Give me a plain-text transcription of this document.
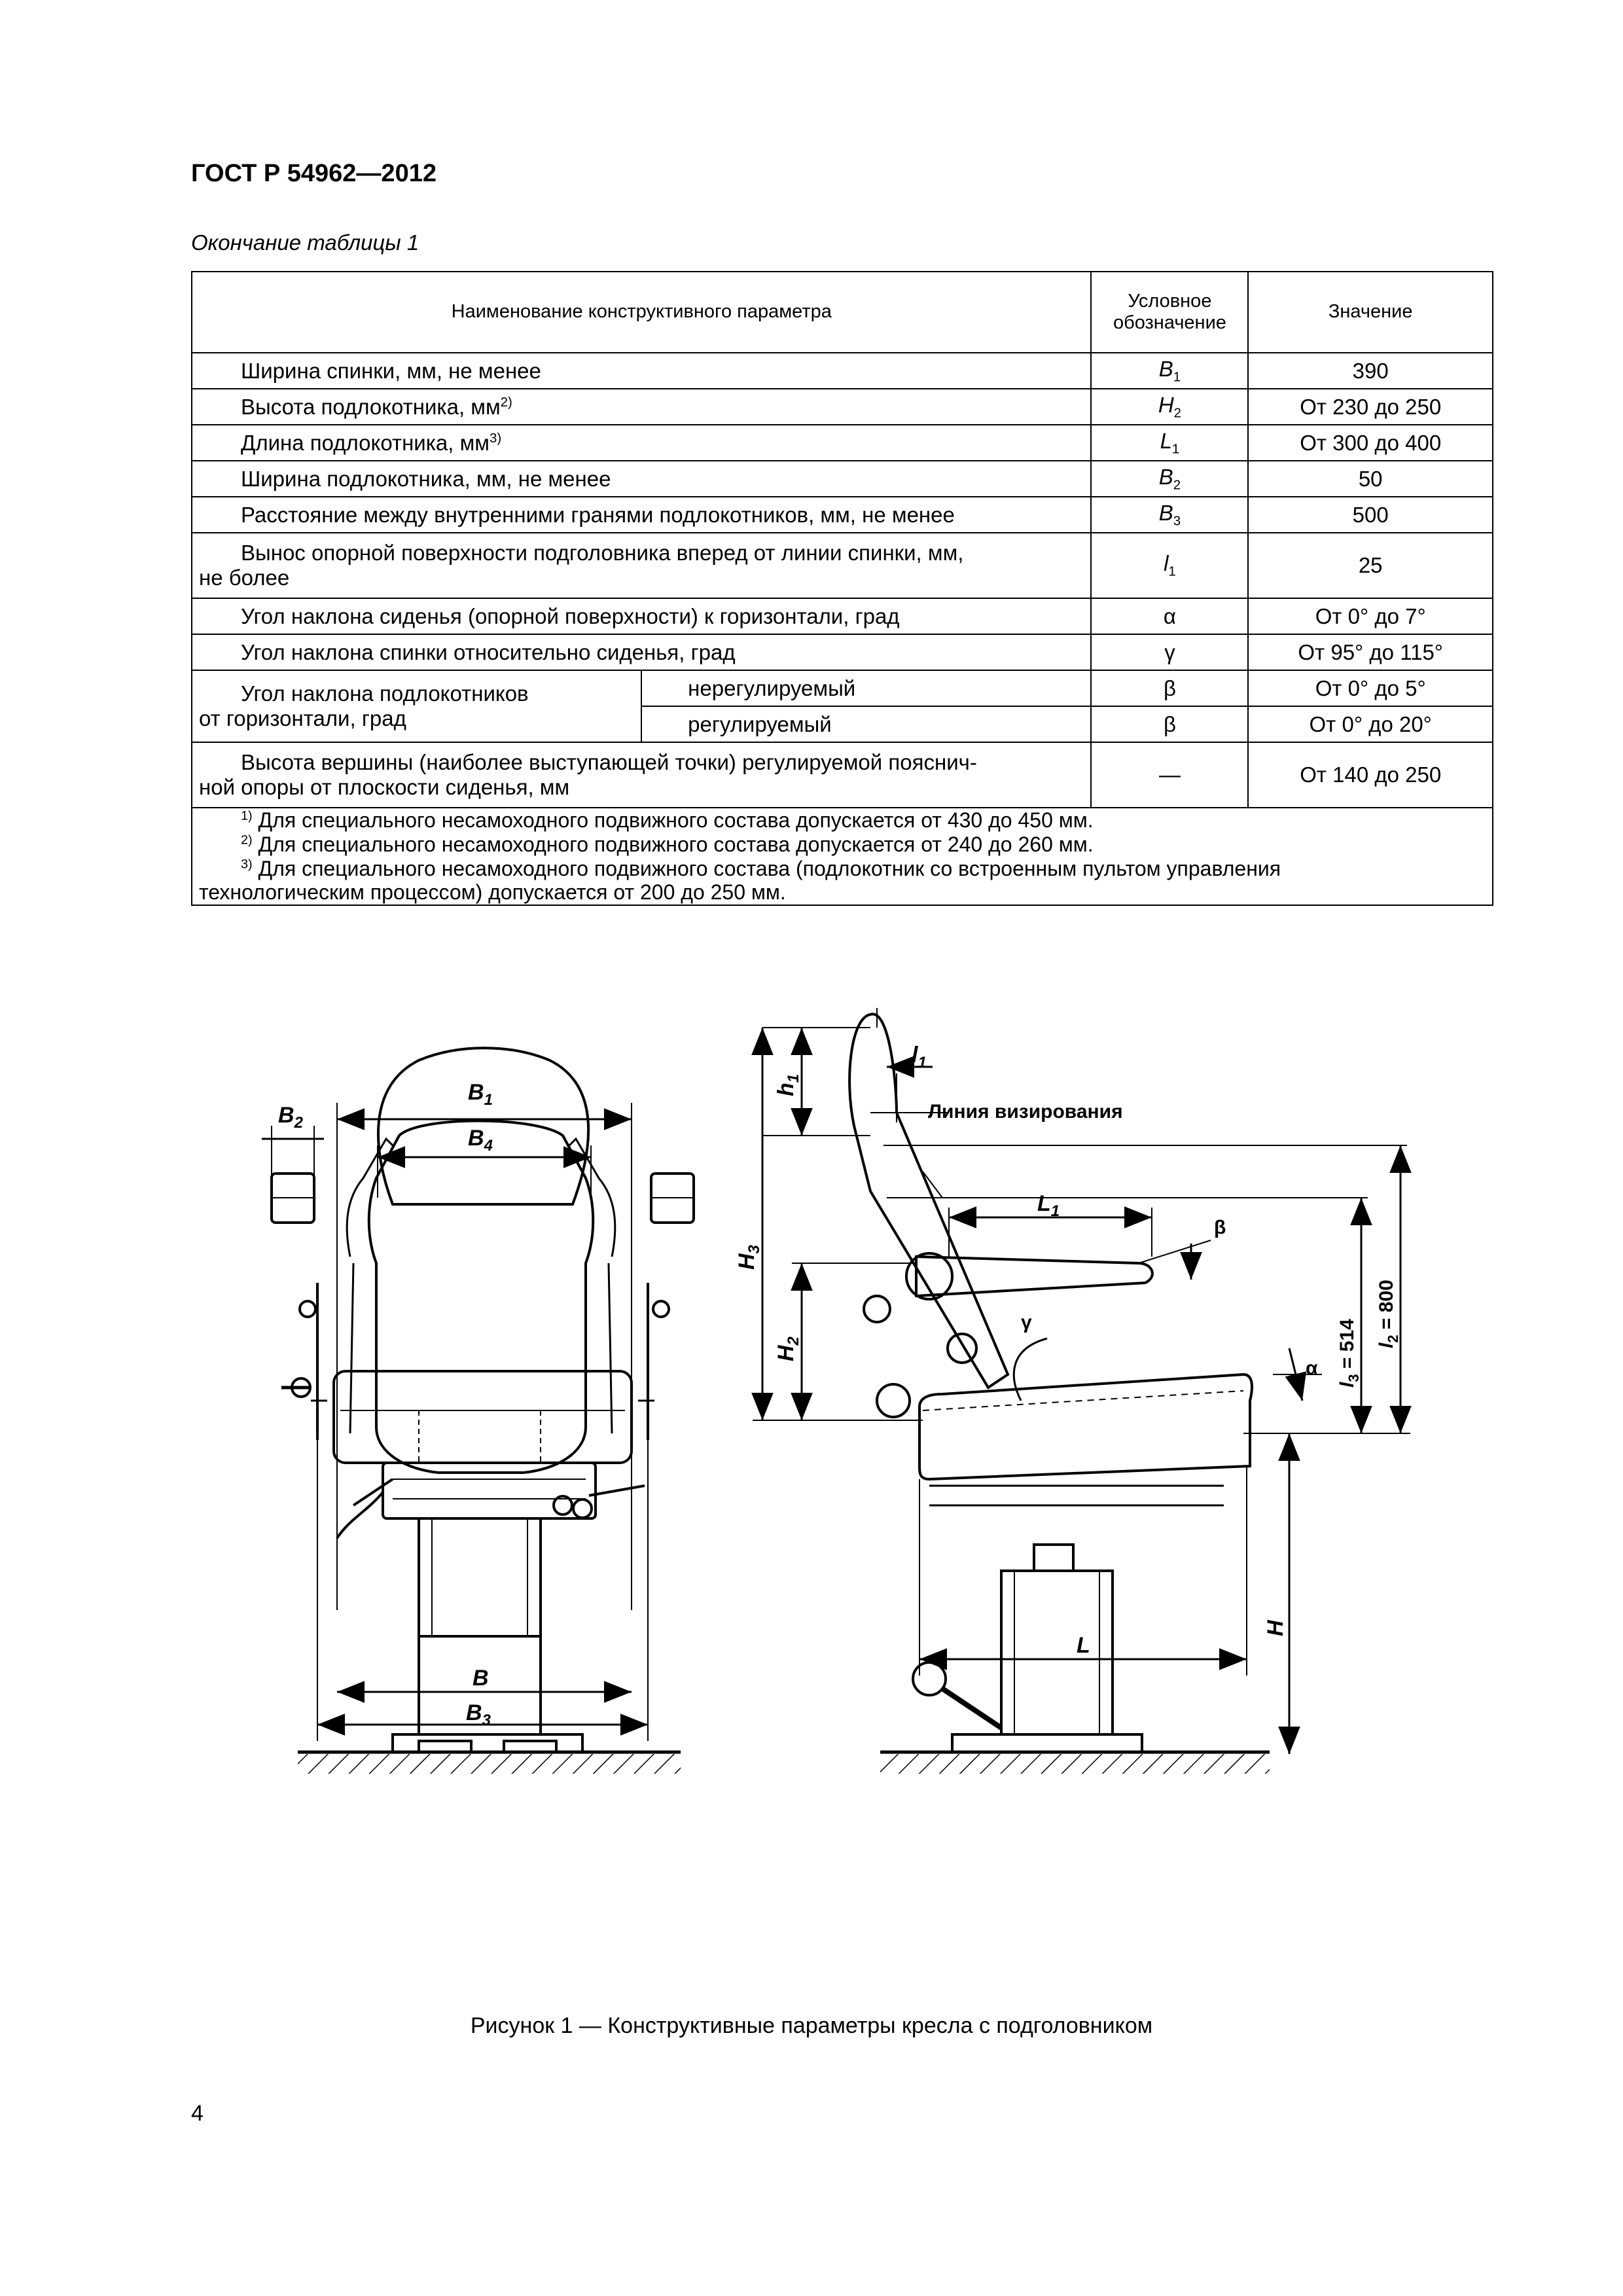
ГОСТ Р 54962—2012
Окончание таблицы 1
Наименование конструктивного параметра		Условное обозначение	Значение

Ширина спинки, мм, не менее		$B_1$	390

Высота подлокотника, $мм^{2)}$		$H_2$	От 230 до 250

Длина подлокотника, $мм^{3)}$		$L_1$	От 300 до 400

Ширина подлокотника, мм, не менее		$B_2$	50

Расстояние между внутренними гранями подлокотников, мм, не менее		$B_3$	500

Вынос опорной поверхности подголовника вперед от линии спинки, мм,
не более		$l_1$	25

Угол наклона сиденья (опорной поверхности) к горизонтали, град		α	От 0° до 7°

Угол наклона спинки относительно сиденья, град		γ	От 95° до 115°

Угол наклона подлокотников
от горизонтали, град	нерегулируемый	β	От 0° до 5°
	регулируемый	β	От 0° до 20°

Высота вершины (наиболее выступающей точки) регулируемой пояснич-
ной опоры от плоскости сиденья, мм		—	От 140 до 250

$^{1)}$ Для специального несамоходного подвижного состава допускается от 430 до 450 мм.
$^{2)}$ Для специального несамоходного подвижного состава допускается от 240 до 260 мм.
$^{3)}$ Для специального несамоходного подвижного состава (подлокотник со встроенным пультом управления
технологическим процессом) допускается от 200 до 250 мм.			
$B_1$
$B_4$
$B_2$
B
$B_3$
$l_1$
$h_1$
$H_3$
$H_2$
$L_1$
L
H
β
γ
α
Линия визирования
$l_2 = 800$
$l_3 = 514$
Рисунок 1 — Конструктивные параметры кресла с подголовником
4
